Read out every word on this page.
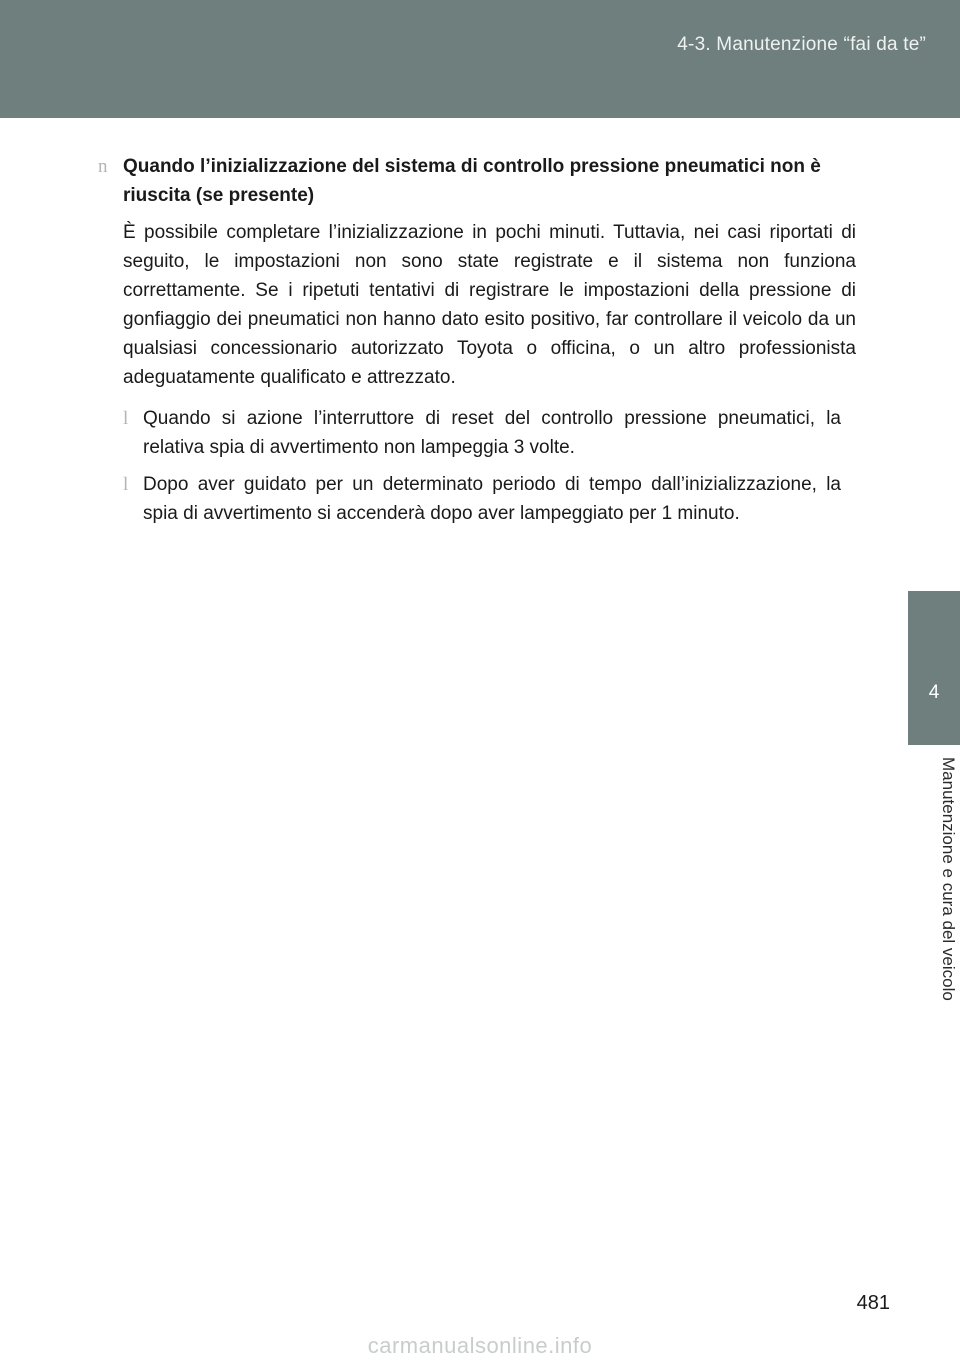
4-3. Manutenzione “fai da te”
4
Manutenzione e cura del veicolo
n Quando l’inizializzazione del sistema di controllo pressione pneumatici non è riuscita (se presente)

È possibile completare l’inizializzazione in pochi minuti. Tuttavia, nei casi riportati di seguito, le impostazioni non sono state registrate e il sistema non funziona correttamente. Se i ripetuti tentativi di registrare le impostazioni della pressione di gonfiaggio dei pneumatici non hanno dato esito positivo, far controllare il veicolo da un qualsiasi concessionario autorizzato Toyota o officina, o un altro professionista adeguatamente qualificato e attrezzato.

l Quando si azione l’interruttore di reset del controllo pressione pneumatici, la relativa spia di avvertimento non lampeggia 3 volte.
l Dopo aver guidato per un determinato periodo di tempo dall’inizializzazione, la spia di avvertimento si accenderà dopo aver lampeggiato per 1 minuto.
481
carmanualsonline.info
